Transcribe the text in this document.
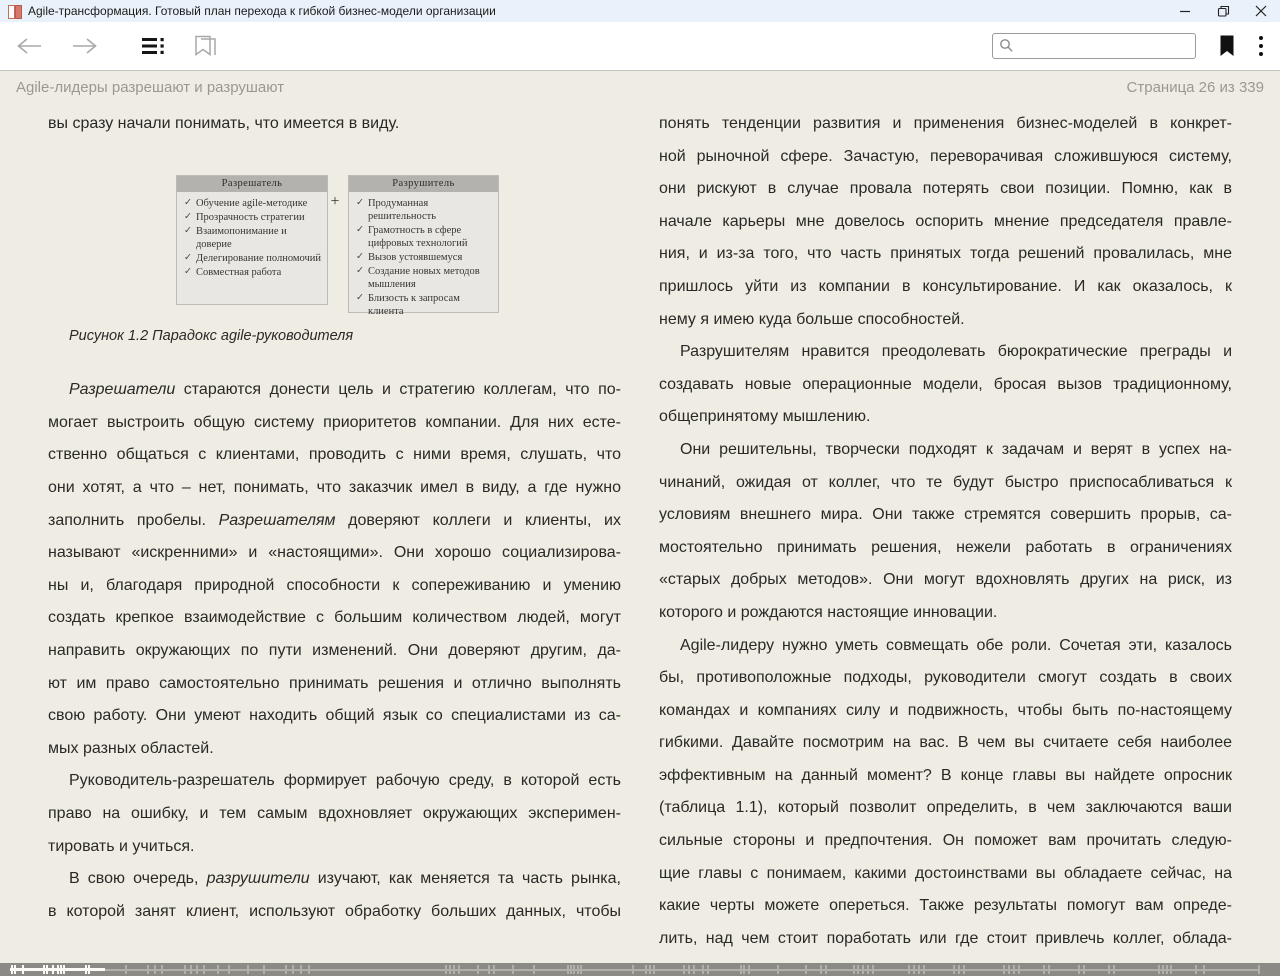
Agile-трансформация. Готовый план перехода к гибкой бизнес-модели организации
Agile-лидеры разрешают и разрушают	Страница 26 из 339
вы сразу начали понимать, что имеется в виду.
Разрешатель
✓ Обучение agile-методике
✓ Прозрачность стратегии
✓ Взаимопонимание и доверие
✓ Делегирование полномочий
✓ Совместная работа
+
Разрушитель
✓ Продуманная решительность
✓ Грамотность в сфере цифровых технологий
✓ Вызов устоявшемуся
✓ Создание новых методов мышления
✓ Близость к запросам клиента
Рисунок 1.2 Парадокс agile-руководителя
Разрешатели стараются донести цель и стратегию коллегам, что по-
могает выстроить общую систему приоритетов компании. Для них есте-
ственно общаться с клиентами, проводить с ними время, слушать, что
они хотят, а что – нет, понимать, что заказчик имел в виду, а где нужно
заполнить пробелы. Разрешателям доверяют коллеги и клиенты, их
называют «искренними» и «настоящими». Они хорошо социализирова-
ны и, благодаря природной способности к сопереживанию и умению
создать крепкое взаимодействие с большим количеством людей, могут
направить окружающих по пути изменений. Они доверяют другим, да-
ют им право самостоятельно принимать решения и отлично выполнять
свою работу. Они умеют находить общий язык со специалистами из са-
мых разных областей.
Руководитель-разрешатель формирует рабочую среду, в которой есть
право на ошибку, и тем самым вдохновляет окружающих эксперимен-
тировать и учиться.
В свою очередь, разрушители изучают, как меняется та часть рынка,
в которой занят клиент, используют обработку больших данных, чтобы
понять тенденции развития и применения бизнес-моделей в конкрет-
ной рыночной сфере. Зачастую, переворачивая сложившуюся систему,
они рискуют в случае провала потерять свои позиции. Помню, как в
начале карьеры мне довелось оспорить мнение председателя правле-
ния, и из-за того, что часть принятых тогда решений провалилась, мне
пришлось уйти из компании в консультирование. И как оказалось, к
нему я имею куда больше способностей.
Разрушителям нравится преодолевать бюрократические преграды и
создавать новые операционные модели, бросая вызов традиционному,
общепринятому мышлению.
Они решительны, творчески подходят к задачам и верят в успех на-
чинаний, ожидая от коллег, что те будут быстро приспосабливаться к
условиям внешнего мира. Они также стремятся совершить прорыв, са-
мостоятельно принимать решения, нежели работать в ограничениях
«старых добрых методов». Они могут вдохновлять других на риск, из
которого и рождаются настоящие инновации.
Agile-лидеру нужно уметь совмещать обе роли. Сочетая эти, казалось
бы, противоположные подходы, руководители смогут создать в своих
командах и компаниях силу и подвижность, чтобы быть по-настоящему
гибкими. Давайте посмотрим на вас. В чем вы считаете себя наиболее
эффективным на данный момент? В конце главы вы найдете опросник
(таблица 1.1), который позволит определить, в чем заключаются ваши
сильные стороны и предпочтения. Он поможет вам прочитать следую-
щие главы с понимаем, какими достоинствами вы обладаете сейчас, на
какие черты можете опереться. Также результаты помогут вам опреде-
лить, над чем стоит поработать или где стоит привлечь коллег, облада-
